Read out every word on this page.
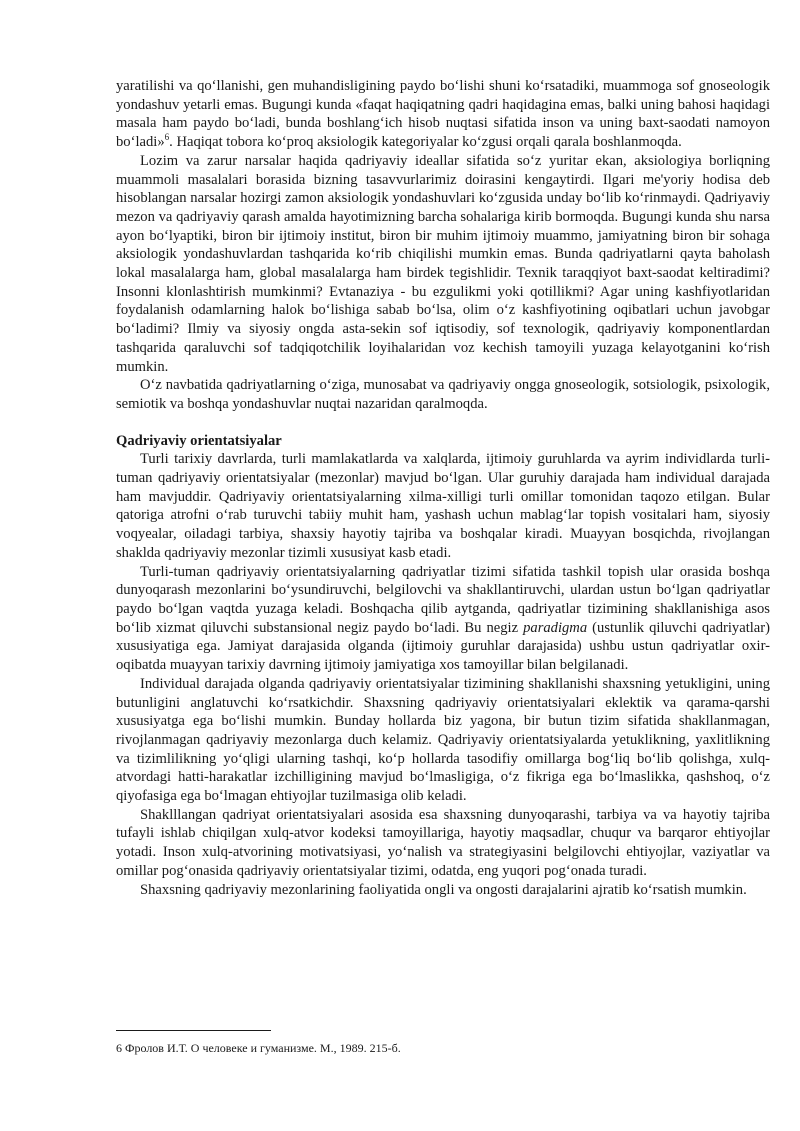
yaratilishi va qo‘llanishi, gen muhandisligining paydo bo‘lishi shuni ko‘rsatadiki, muammoga sof gnoseologik yondashuv yetarli emas. Bugungi kunda «faqat haqiqatning qadri haqidagina emas, balki uning bahosi haqidagi masala ham paydo bo‘ladi, bunda boshlang‘ich hisob nuqtasi sifatida inson va uning baxt-saodati namoyon bo‘ladi»$^6$. Haqiqat tobora ko‘proq aksiologik kategoriyalar ko‘zgusi orqali qarala boshlanmoqda.

Lozim va zarur narsalar haqida qadriyaviy ideallar sifatida so‘z yuritar ekan, aksiologiya borliqning muammoli masalalari borasida bizning tasavvurlarimiz doirasini kengaytirdi. Ilgari me'yoriy hodisa deb hisoblangan narsalar hozirgi zamon aksiologik yondashuvlari ko‘zgusida unday bo‘lib ko‘rinmaydi. Qadriyaviy mezon va qadriyaviy qarash amalda hayotimizning barcha sohalariga kirib bormoqda. Bugungi kunda shu narsa ayon bo‘lyaptiki, biron bir ijtimoiy institut, biron bir muhim ijtimoiy muammo, jamiyatning biron bir sohaga aksiologik yondashuvlardan tashqarida ko‘rib chiqilishi mumkin emas. Bunda qadriyatlarni qayta baholash lokal masalalarga ham, global masalalarga ham birdek tegishlidir. Texnik taraqqiyot baxt-saodat keltiradimi? Insonni klonlashtirish mumkinmi? Evtanaziya - bu ezgulikmi yoki qotillikmi? Agar uning kashfiyotlaridan foydalanish odamlarning halok bo‘lishiga sabab bo‘lsa, olim o‘z kashfiyotining oqibatlari uchun javobgar bo‘ladimi? Ilmiy va siyosiy ongda asta-sekin sof iqtisodiy, sof texnologik, qadriyaviy komponentlardan tashqarida qaraluvchi sof tadqiqotchilik loyihalaridan voz kechish tamoyili yuzaga kelayotganini ko‘rish mumkin.

O‘z navbatida qadriyatlarning o‘ziga, munosabat va qadriyaviy ongga gnoseologik, sotsiologik, psixologik, semiotik va boshqa yondashuvlar nuqtai nazaridan qaralmoqda.

Qadriyaviy orientatsiyalar

Turli tarixiy davrlarda, turli mamlakatlarda va xalqlarda, ijtimoiy guruhlarda va ayrim individlarda turli-tuman qadriyaviy orientatsiyalar (mezonlar) mavjud bo‘lgan. Ular guruhiy darajada ham individual darajada ham mavjuddir. Qadriyaviy orientatsiyalarning xilma-xilligi turli omillar tomonidan taqozo etilgan. Bular qatoriga atrofni o‘rab turuvchi tabiiy muhit ham, yashash uchun mablag‘lar topish vositalari ham, siyosiy voqyealar, oiladagi tarbiya, shaxsiy hayotiy tajriba va boshqalar kiradi. Muayyan bosqichda, rivojlangan shaklda qadriyaviy mezonlar tizimli xususiyat kasb etadi.

Turli-tuman qadriyaviy orientatsiyalarning qadriyatlar tizimi sifatida tashkil topish ular orasida boshqa dunyoqarash mezonlarini bo‘ysundiruvchi, belgilovchi va shakllantiruvchi, ulardan ustun bo‘lgan qadriyatlar paydo bo‘lgan vaqtda yuzaga keladi. Boshqacha qilib aytganda, qadriyatlar tizimining shakllanishiga asos bo‘lib xizmat qiluvchi substansional negiz paydo bo‘ladi. Bu negiz paradigma (ustunlik qiluvchi qadriyatlar) xususiyatiga ega. Jamiyat darajasida olganda (ijtimoiy guruhlar darajasida) ushbu ustun qadriyatlar oxir-oqibatda muayyan tarixiy davrning ijtimoiy jamiyatiga xos tamoyillar bilan belgilanadi.

Individual darajada olganda qadriyaviy orientatsiyalar tizimining shakllanishi shaxsning yetukligini, uning butunligini anglatuvchi ko‘rsatkichdir. Shaxsning qadriyaviy orientatsiyalari eklektik va qarama-qarshi xususiyatga ega bo‘lishi mumkin. Bunday hollarda biz yagona, bir butun tizim sifatida shakllanmagan, rivojlanmagan qadriyaviy mezonlarga duch kelamiz. Qadriyaviy orientatsiyalarda yetuklikning, yaxlitlikning va tizimlilikning yo‘qligi ularning tashqi, ko‘p hollarda tasodifiy omillarga bog‘liq bo‘lib qolishga, xulq-atvordagi hatti-harakatlar izchilligining mavjud bo‘lmasligiga, o‘z fikriga ega bo‘lmaslikka, qashshoq, o‘z qiyofasiga ega bo‘lmagan ehtiyojlar tuzilmasiga olib keladi.

Shaklllangan qadriyat orientatsiyalari asosida esa shaxsning dunyoqarashi, tarbiya va va hayotiy tajriba tufayli ishlab chiqilgan xulq-atvor kodeksi tamoyillariga, hayotiy maqsadlar, chuqur va barqaror ehtiyojlar yotadi. Inson xulq-atvorining motivatsiyasi, yo‘nalish va strategiyasini belgilovchi ehtiyojlar, vaziyatlar va omillar pog‘onasida qadriyaviy orientatsiyalar tizimi, odatda, eng yuqori pog‘onada turadi.

Shaxsning qadriyaviy mezonlarining faoliyatida ongli va ongosti darajalarini ajratib ko‘rsatish mumkin.

6 Фролов И.Т. О человеке и гуманизме. М., 1989. 215-б.
